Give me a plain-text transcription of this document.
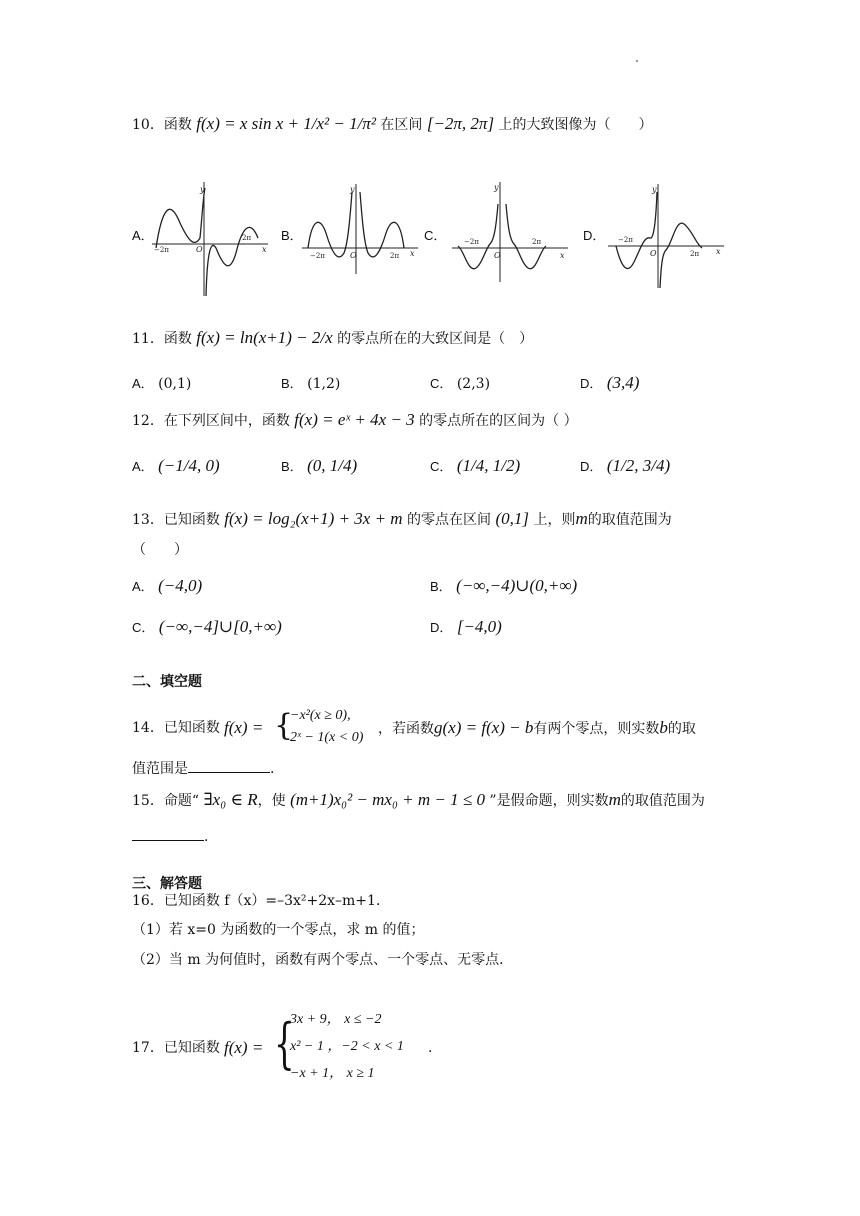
10．函数 f(x) = x sin x + 1/x² − 1/π² 在区间 [−2π, 2π] 上的大致图像为（　　）
A．	B．	C．	D．
y
x
O
−2π
2π
y
x
O
−2π	2π
y
x
O
−2π	2π
y
x
O
−2π
2π
11．函数 f(x) = ln(x+1) − 2/x 的零点所在的大致区间是（　）
A． (0,1)	B． (1,2)	C． (2,3)	D． (3,4)
12．在下列区间中，函数 f(x) = eˣ + 4x − 3 的零点所在的区间为（ ）
A． (−1/4, 0)	B． (0, 1/4)	C． (1/4, 1/2)	D． (1/2, 3/4)
13．已知函数 f(x) = log₂(x+1) + 3x + m 的零点在区间 (0,1] 上，则m的取值范围为
（　　）
A． (−4,0)	B． (−∞,−4)∪(0,+∞)
C． (−∞,−4]∪[0,+∞)	D． [−4,0)
二、填空题
14．已知函数 f(x) = {
−x²(x ≥ 0),
2ˣ − 1(x < 0)
，若函数g(x) = f(x) − b有两个零点，则实数b的取
值范围是	.
15．命题“ ∃x₀ ∈ R，使 (m+1)x₀² − mx₀ + m − 1 ≤ 0 ”是假命题，则实数m的取值范围为
.
三、解答题
16．已知函数 f（x）=–3x²+2x–m+1．
（1）若 x=0 为函数的一个零点，求 m 的值；
（2）当 m 为何值时，函数有两个零点、一个零点、无零点．
17．已知函数 f(x) = {
3x + 9， x ≤ −2
x² − 1 ，−2 < x < 1
−x + 1， x ≥ 1
.
